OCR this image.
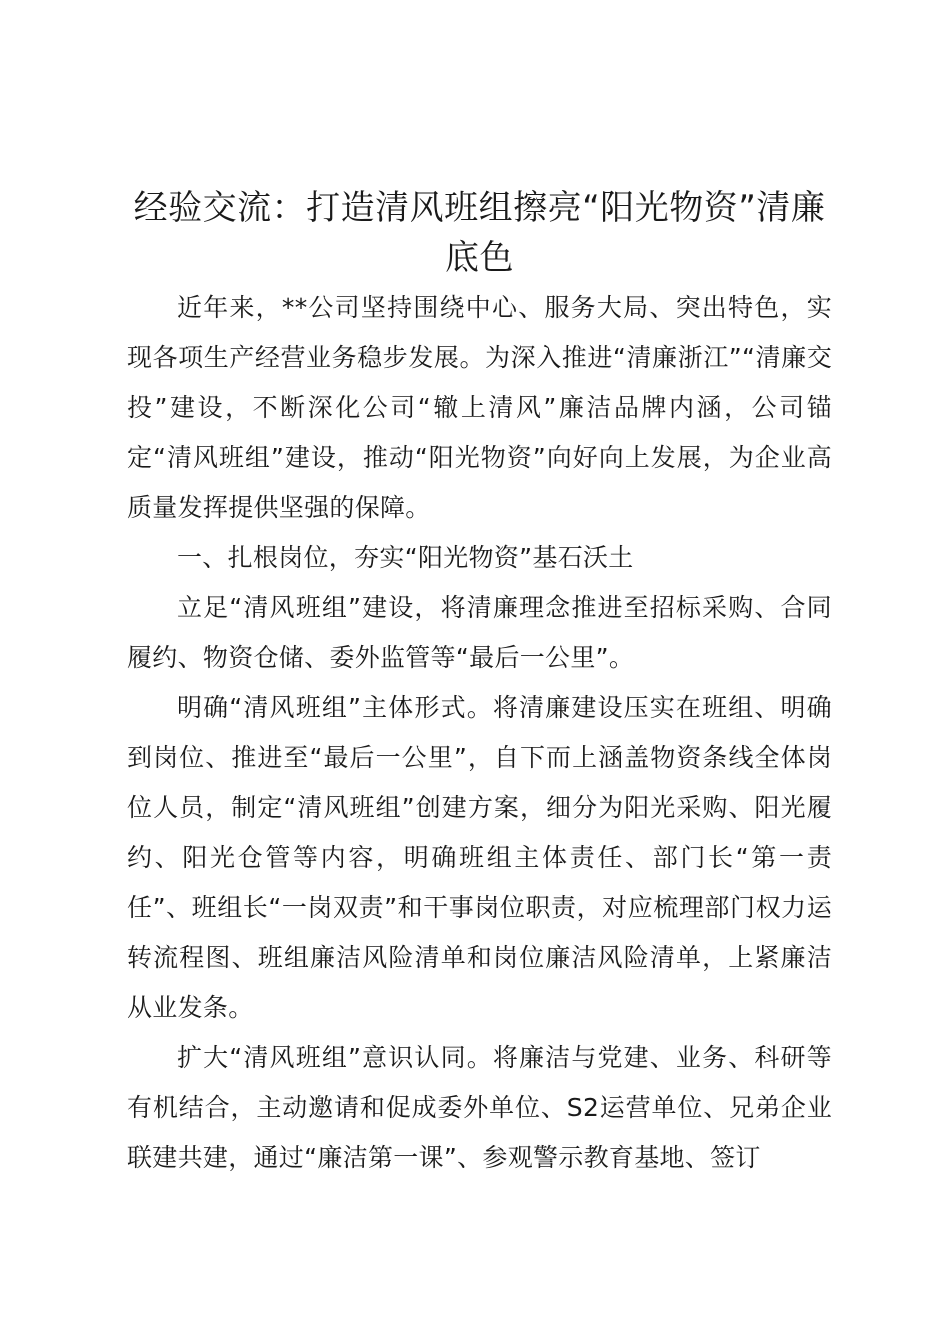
经验交流：打造清风班组擦亮“阳光物资”清廉底色

近年来，**公司坚持围绕中心、服务大局、突出特色，实现各项生产经营业务稳步发展。为深入推进“清廉浙江”“清廉交投”建设，不断深化公司“辙上清风”廉洁品牌内涵，公司锚定“清风班组”建设，推动“阳光物资”向好向上发展，为企业高质量发挥提供坚强的保障。

一、扎根岗位，夯实“阳光物资”基石沃土

立足“清风班组”建设，将清廉理念推进至招标采购、合同履约、物资仓储、委外监管等“最后一公里”。

明确“清风班组”主体形式。将清廉建设压实在班组、明确到岗位、推进至“最后一公里”，自下而上涵盖物资条线全体岗位人员，制定“清风班组”创建方案，细分为阳光采购、阳光履约、阳光仓管等内容，明确班组主体责任、部门长“第一责任”、班组长“一岗双责”和干事岗位职责，对应梳理部门权力运转流程图、班组廉洁风险清单和岗位廉洁风险清单，上紧廉洁从业发条。

扩大“清风班组”意识认同。将廉洁与党建、业务、科研等有机结合，主动邀请和促成委外单位、S2运营单位、兄弟企业联建共建，通过“廉洁第一课”、参观警示教育基地、签订
